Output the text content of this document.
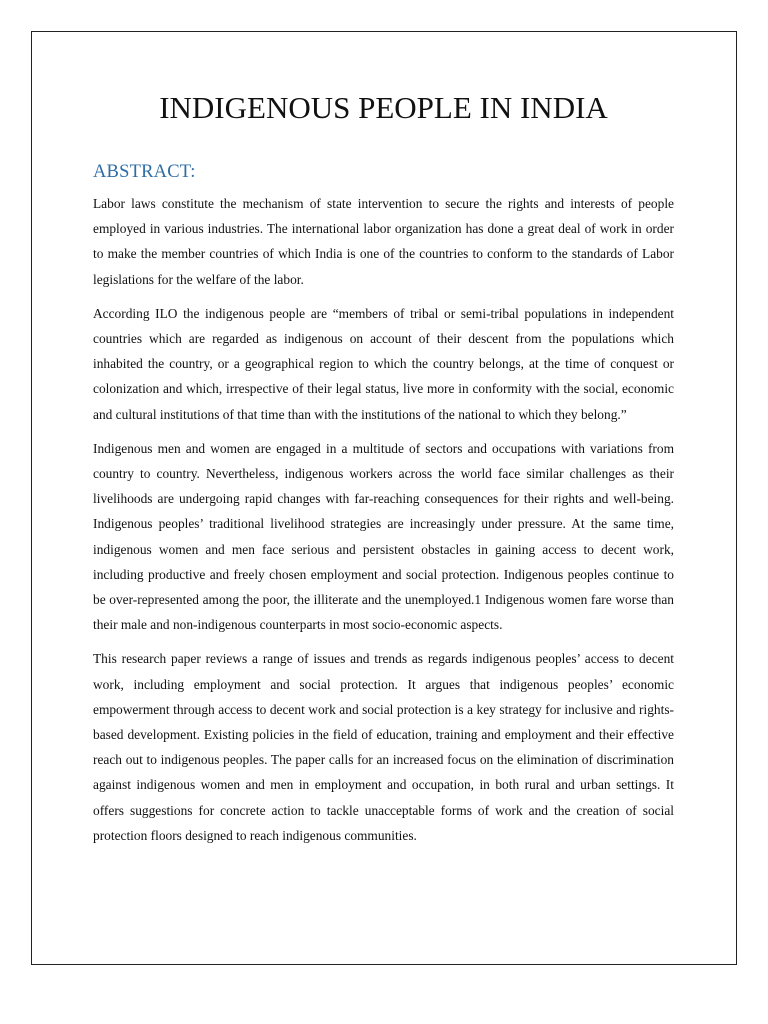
INDIGENOUS PEOPLE IN INDIA
ABSTRACT:

Labor laws constitute the mechanism of state intervention to secure the rights and interests of people employed in various industries. The international labor organization has done a great deal of work in order to make the member countries of which India is one of the countries to conform to the standards of Labor legislations for the welfare of the labor.

According ILO the indigenous people are “members of tribal or semi-tribal populations in independent countries which are regarded as indigenous on account of their descent from the populations which inhabited the country, or a geographical region to which the country belongs, at the time of conquest or colonization and which, irrespective of their legal status, live more in conformity with the social, economic and cultural institutions of that time than with the institutions of the national to which they belong.”

Indigenous men and women are engaged in a multitude of sectors and occupations with variations from country to country. Nevertheless, indigenous workers across the world face similar challenges as their livelihoods are undergoing rapid changes with far-reaching consequences for their rights and well-being. Indigenous peoples’ traditional livelihood strategies are increasingly under pressure. At the same time, indigenous women and men face serious and persistent obstacles in gaining access to decent work, including productive and freely chosen employment and social protection. Indigenous peoples continue to be over-represented among the poor, the illiterate and the unemployed.1 Indigenous women fare worse than their male and non-indigenous counterparts in most socio-economic aspects.

This research paper reviews a range of issues and trends as regards indigenous peoples’ access to decent work, including employment and social protection. It argues that indigenous peoples’ economic empowerment through access to decent work and social protection is a key strategy for inclusive and rights-based development. Existing policies in the field of education, training and employment and their effective reach out to indigenous peoples. The paper calls for an increased focus on the elimination of discrimination against indigenous women and men in employment and occupation, in both rural and urban settings. It offers suggestions for concrete action to tackle unacceptable forms of work and the creation of social protection floors designed to reach indigenous communities.
